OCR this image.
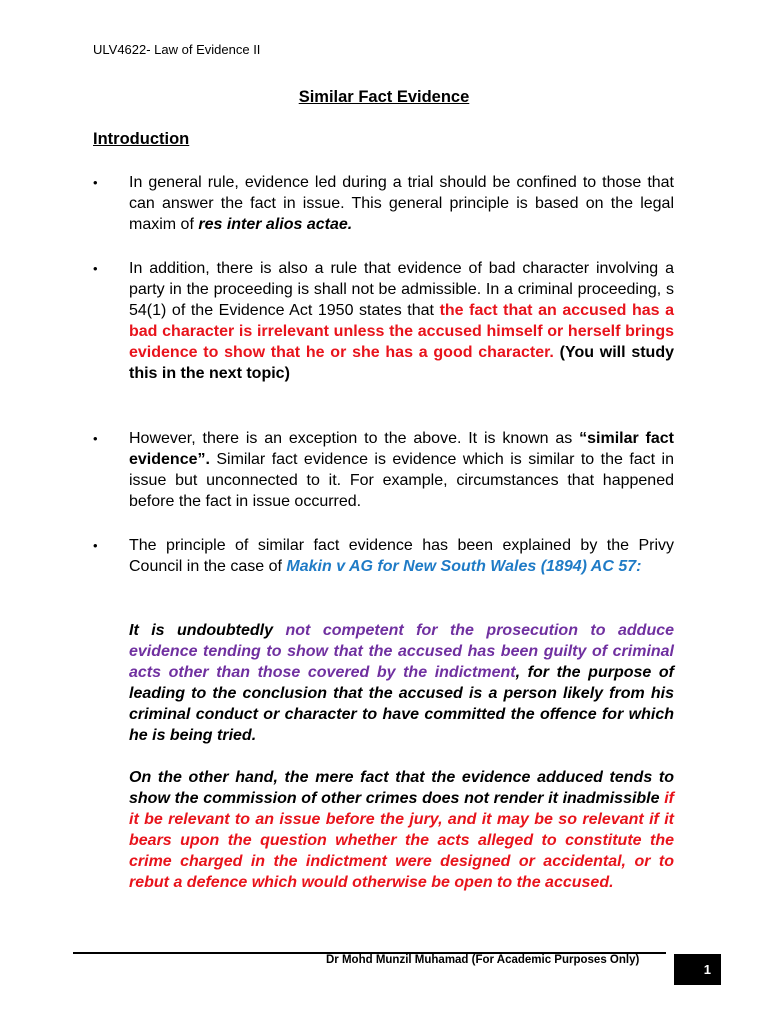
ULV4622- Law of Evidence II
Similar Fact Evidence
Introduction
• In general rule, evidence led during a trial should be confined to those that can answer the fact in issue. This general principle is based on the legal maxim of res inter alios actae.
• In addition, there is also a rule that evidence of bad character involving a party in the proceeding is shall not be admissible. In a criminal proceeding, s 54(1) of the Evidence Act 1950 states that the fact that an accused has a bad character is irrelevant unless the accused himself or herself brings evidence to show that he or she has a good character. (You will study this in the next topic)
• However, there is an exception to the above. It is known as “similar fact evidence”. Similar fact evidence is evidence which is similar to the fact in issue but unconnected to it. For example, circumstances that happened before the fact in issue occurred.
• The principle of similar fact evidence has been explained by the Privy Council in the case of Makin v AG for New South Wales (1894) AC 57:
It is undoubtedly not competent for the prosecution to adduce evidence tending to show that the accused has been guilty of criminal acts other than those covered by the indictment, for the purpose of leading to the conclusion that the accused is a person likely from his criminal conduct or character to have committed the offence for which he is being tried.
On the other hand, the mere fact that the evidence adduced tends to show the commission of other crimes does not render it inadmissible if it be relevant to an issue before the jury, and it may be so relevant if it bears upon the question whether the acts alleged to constitute the crime charged in the indictment were designed or accidental, or to rebut a defence which would otherwise be open to the accused.
Dr Mohd Munzil Muhamad (For Academic Purposes Only)
1
